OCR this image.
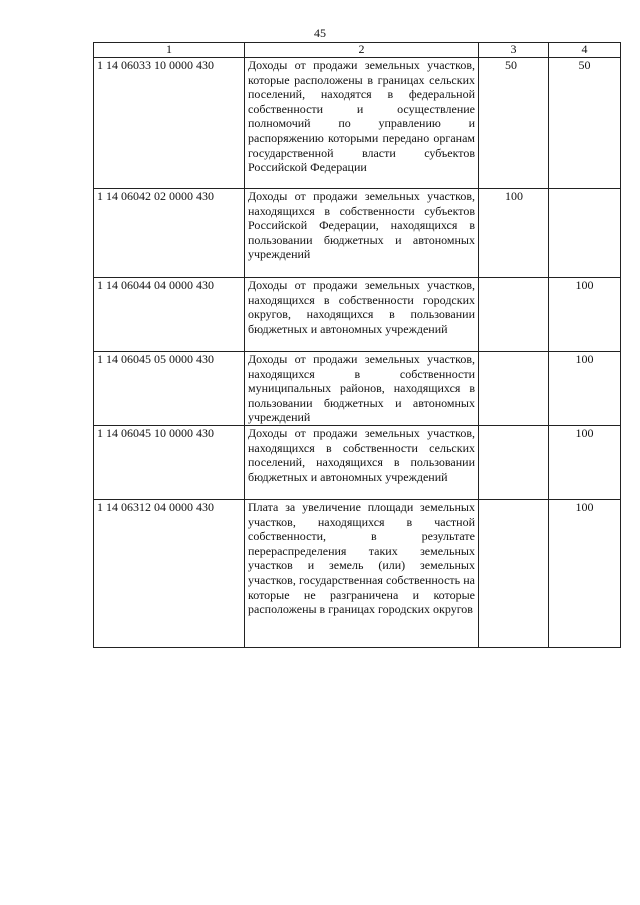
45
1	2	3	4
1 14 06033 10 0000 430	Доходы от продажи земельных участков, которые расположены в границах сельских поселений, находятся в федеральной собственности и осуществление полномочий по управлению и распоряжению которыми передано органам государственной власти субъектов Российской Федерации	50	50
1 14 06042 02 0000 430	Доходы от продажи земельных участков, находящихся в собственности субъектов Российской Федерации, находящихся в пользовании бюджетных и автономных учреждений	100	
1 14 06044 04 0000 430	Доходы от продажи земельных участков, находящихся в собственности городских округов, находящихся в пользовании бюджетных и автономных учреждений		100
1 14 06045 05 0000 430	Доходы от продажи земельных участков, находящихся в собственности муниципальных районов, находящихся в пользовании бюджетных и автономных учреждений		100
1 14 06045 10 0000 430	Доходы от продажи земельных участков, находящихся в собственности сельских поселений, находящихся в пользовании бюджетных и автономных учреждений		100
1 14 06312 04 0000 430	Плата за увеличение площади земельных участков, находящихся в частной собственности, в результате перераспределения таких земельных участков и земель (или) земельных участков, государственная собственность на которые не разграничена и которые расположены в границах городских округов		100
